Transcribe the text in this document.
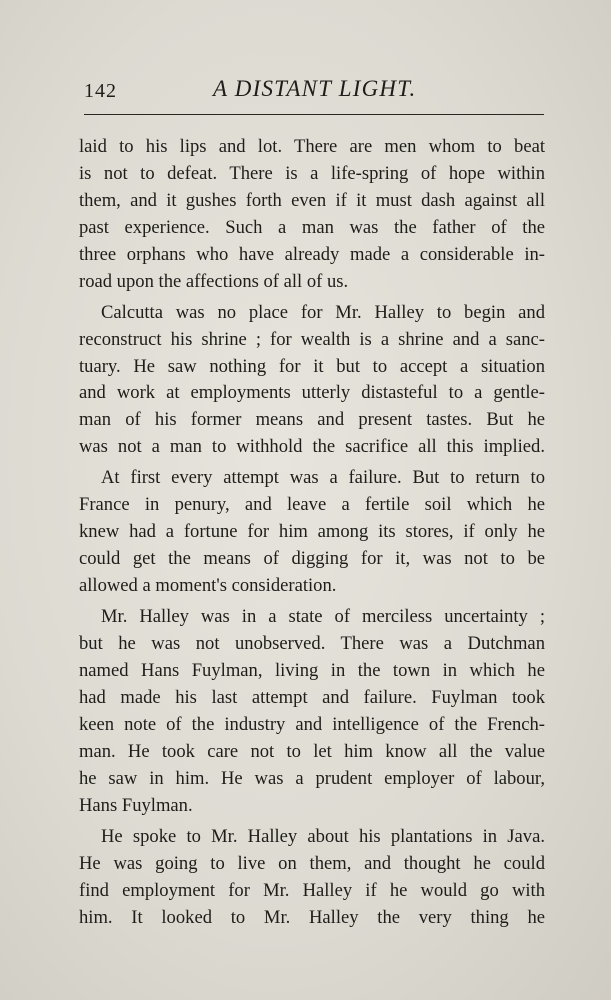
142	A DISTANT LIGHT.
laid to his lips and lot. There are men whom to beat
is not to defeat. There is a life-spring of hope within
them, and it gushes forth even if it must dash against all
past experience. Such a man was the father of the
three orphans who have already made a considerable in-
road upon the affections of all of us.
Calcutta was no place for Mr. Halley to begin and
reconstruct his shrine ; for wealth is a shrine and a sanc-
tuary. He saw nothing for it but to accept a situation
and work at employments utterly distasteful to a gentle-
man of his former means and present tastes. But he
was not a man to withhold the sacrifice all this implied.
At first every attempt was a failure. But to return to
France in penury, and leave a fertile soil which he
knew had a fortune for him among its stores, if only he
could get the means of digging for it, was not to be
allowed a moment's consideration.
Mr. Halley was in a state of merciless uncertainty ;
but he was not unobserved. There was a Dutchman
named Hans Fuylman, living in the town in which he
had made his last attempt and failure. Fuylman took
keen note of the industry and intelligence of the French-
man. He took care not to let him know all the value
he saw in him. He was a prudent employer of labour,
Hans Fuylman.
He spoke to Mr. Halley about his plantations in Java.
He was going to live on them, and thought he could
find employment for Mr. Halley if he would go with
him. It looked to Mr. Halley the very thing he
